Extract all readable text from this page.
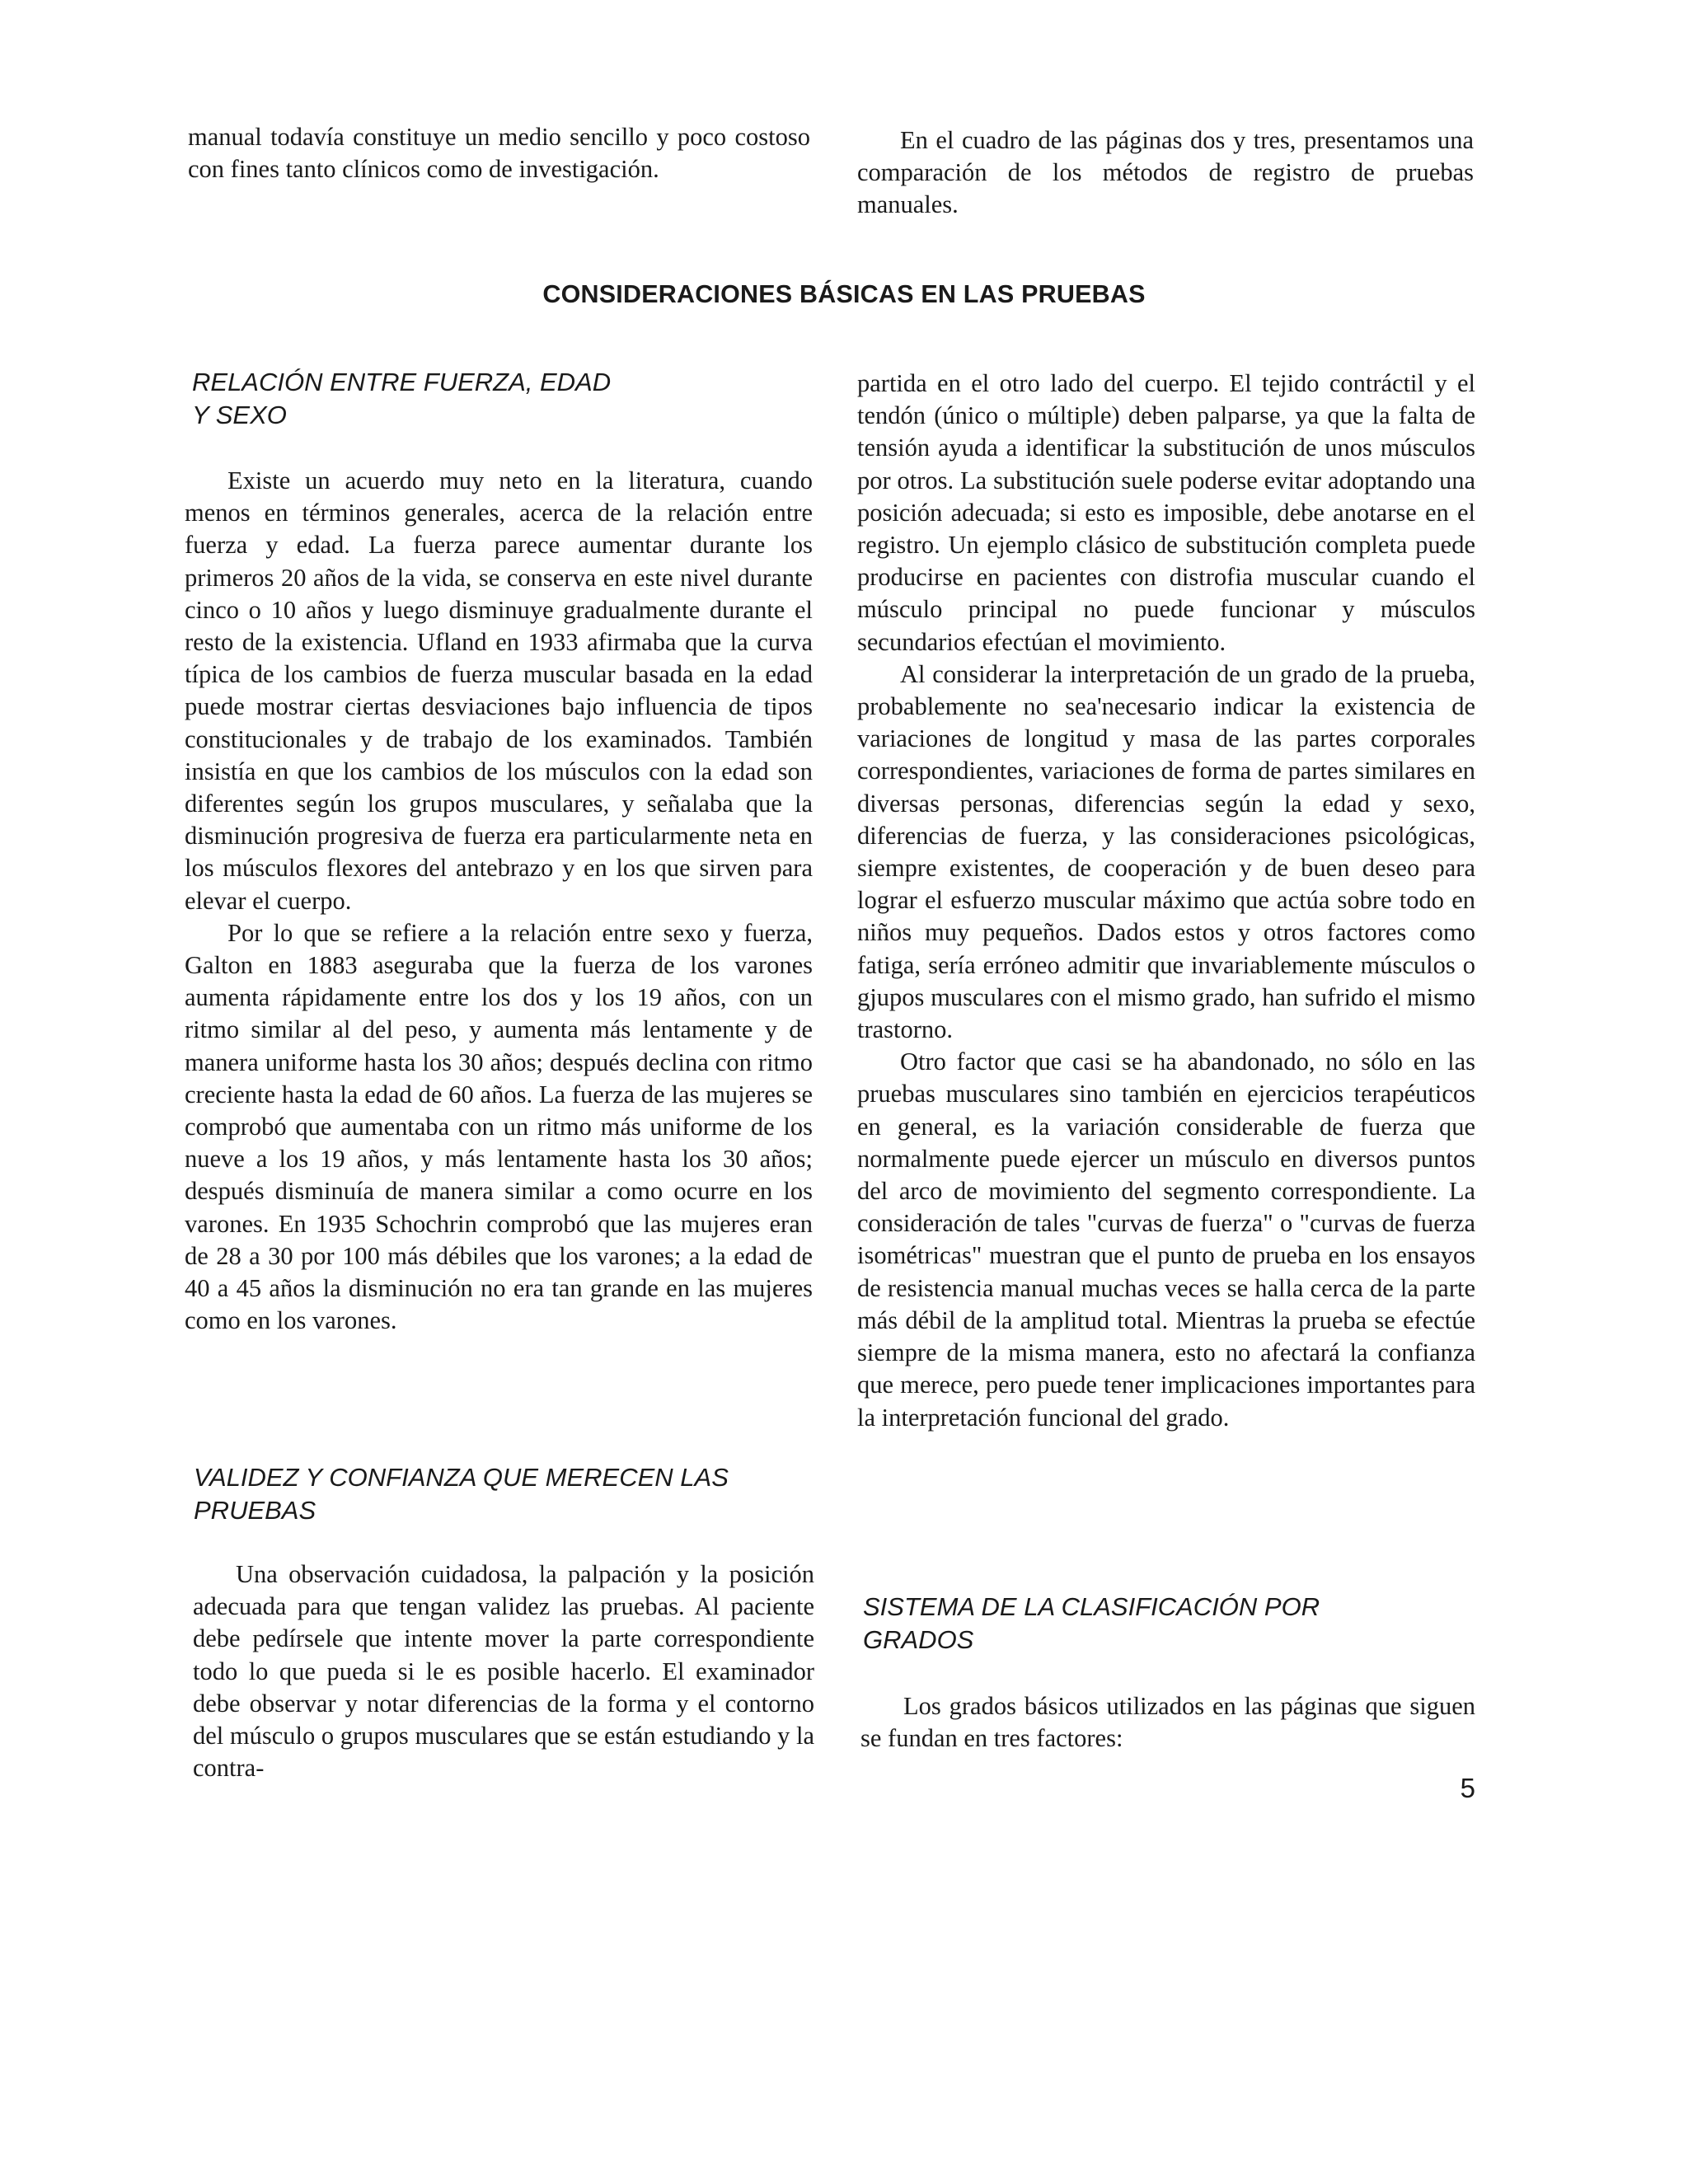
manual todavía constituye un medio sencillo y poco costoso con fines tanto clínicos como de investigación.

En el cuadro de las páginas dos y tres, presentamos una comparación de los métodos de registro de pruebas manuales.

CONSIDERACIONES BÁSICAS EN LAS PRUEBAS
RELACIÓN ENTRE FUERZA, EDAD
Y SEXO

Existe un acuerdo muy neto en la literatura, cuando menos en términos generales, acerca de la relación entre fuerza y edad. La fuerza parece aumentar durante los primeros 20 años de la vida, se conserva en este nivel durante cinco o 10 años y luego disminuye gradualmente durante el resto de la existencia. Ufland en 1933 afirmaba que la curva típica de los cambios de fuerza muscular basada en la edad puede mostrar ciertas desviaciones bajo influencia de tipos constitucionales y de trabajo de los examinados. También insistía en que los cambios de los músculos con la edad son diferentes según los grupos musculares, y señalaba que la disminución progresiva de fuerza era particularmente neta en los músculos flexores del antebrazo y en los que sirven para elevar el cuerpo.

Por lo que se refiere a la relación entre sexo y fuerza, Galton en 1883 aseguraba que la fuerza de los varones aumenta rápidamente entre los dos y los 19 años, con un ritmo similar al del peso, y aumenta más lentamente y de manera uniforme hasta los 30 años; después declina con ritmo creciente hasta la edad de 60 años. La fuerza de las mujeres se comprobó que aumentaba con un ritmo más uniforme de los nueve a los 19 años, y más lentamente hasta los 30 años; después disminuía de manera similar a como ocurre en los varones. En 1935 Schochrin comprobó que las mujeres eran de 28 a 30 por 100 más débiles que los varones; a la edad de 40 a 45 años la disminución no era tan grande en las mujeres como en los varones.

VALIDEZ Y CONFIANZA QUE MERECEN LAS
PRUEBAS

Una observación cuidadosa, la palpación y la posición adecuada para que tengan validez las pruebas. Al paciente debe pedírsele que intente mover la parte correspondiente todo lo que pueda si le es posible hacerlo. El examinador debe observar y notar diferencias de la forma y el contorno del músculo o grupos musculares que se están estudiando y la contra-

partida en el otro lado del cuerpo. El tejido contráctil y el tendón (único o múltiple) deben palparse, ya que la falta de tensión ayuda a identificar la substitución de unos músculos por otros. La substitución suele poderse evitar adoptando una posición adecuada; si esto es imposible, debe anotarse en el registro. Un ejemplo clásico de substitución completa puede producirse en pacientes con distrofia muscular cuando el músculo principal no puede funcionar y músculos secundarios efectúan el movimiento.

Al considerar la interpretación de un grado de la prueba, probablemente no sea'necesario indicar la existencia de variaciones de longitud y masa de las partes corporales correspondientes, variaciones de forma de partes similares en diversas personas, diferencias según la edad y sexo, diferencias de fuerza, y las consideraciones psicológicas, siempre existentes, de cooperación y de buen deseo para lograr el esfuerzo muscular máximo que actúa sobre todo en niños muy pequeños. Dados estos y otros factores como fatiga, sería erróneo admitir que invariablemente músculos o gjupos musculares con el mismo grado, han sufrido el mismo trastorno.

Otro factor que casi se ha abandonado, no sólo en las pruebas musculares sino también en ejercicios terapéuticos en general, es la variación considerable de fuerza que normalmente puede ejercer un músculo en diversos puntos del arco de movimiento del segmento correspondiente. La consideración de tales "curvas de fuerza" o "curvas de fuerza isométricas" muestran que el punto de prueba en los ensayos de resistencia manual muchas veces se halla cerca de la parte más débil de la amplitud total. Mientras la prueba se efectúe siempre de la misma manera, esto no afectará la confianza que merece, pero puede tener implicaciones importantes para la interpretación funcional del grado.

SISTEMA DE LA CLASIFICACIÓN POR
GRADOS

Los grados básicos utilizados en las páginas que siguen se fundan en tres factores:

5
